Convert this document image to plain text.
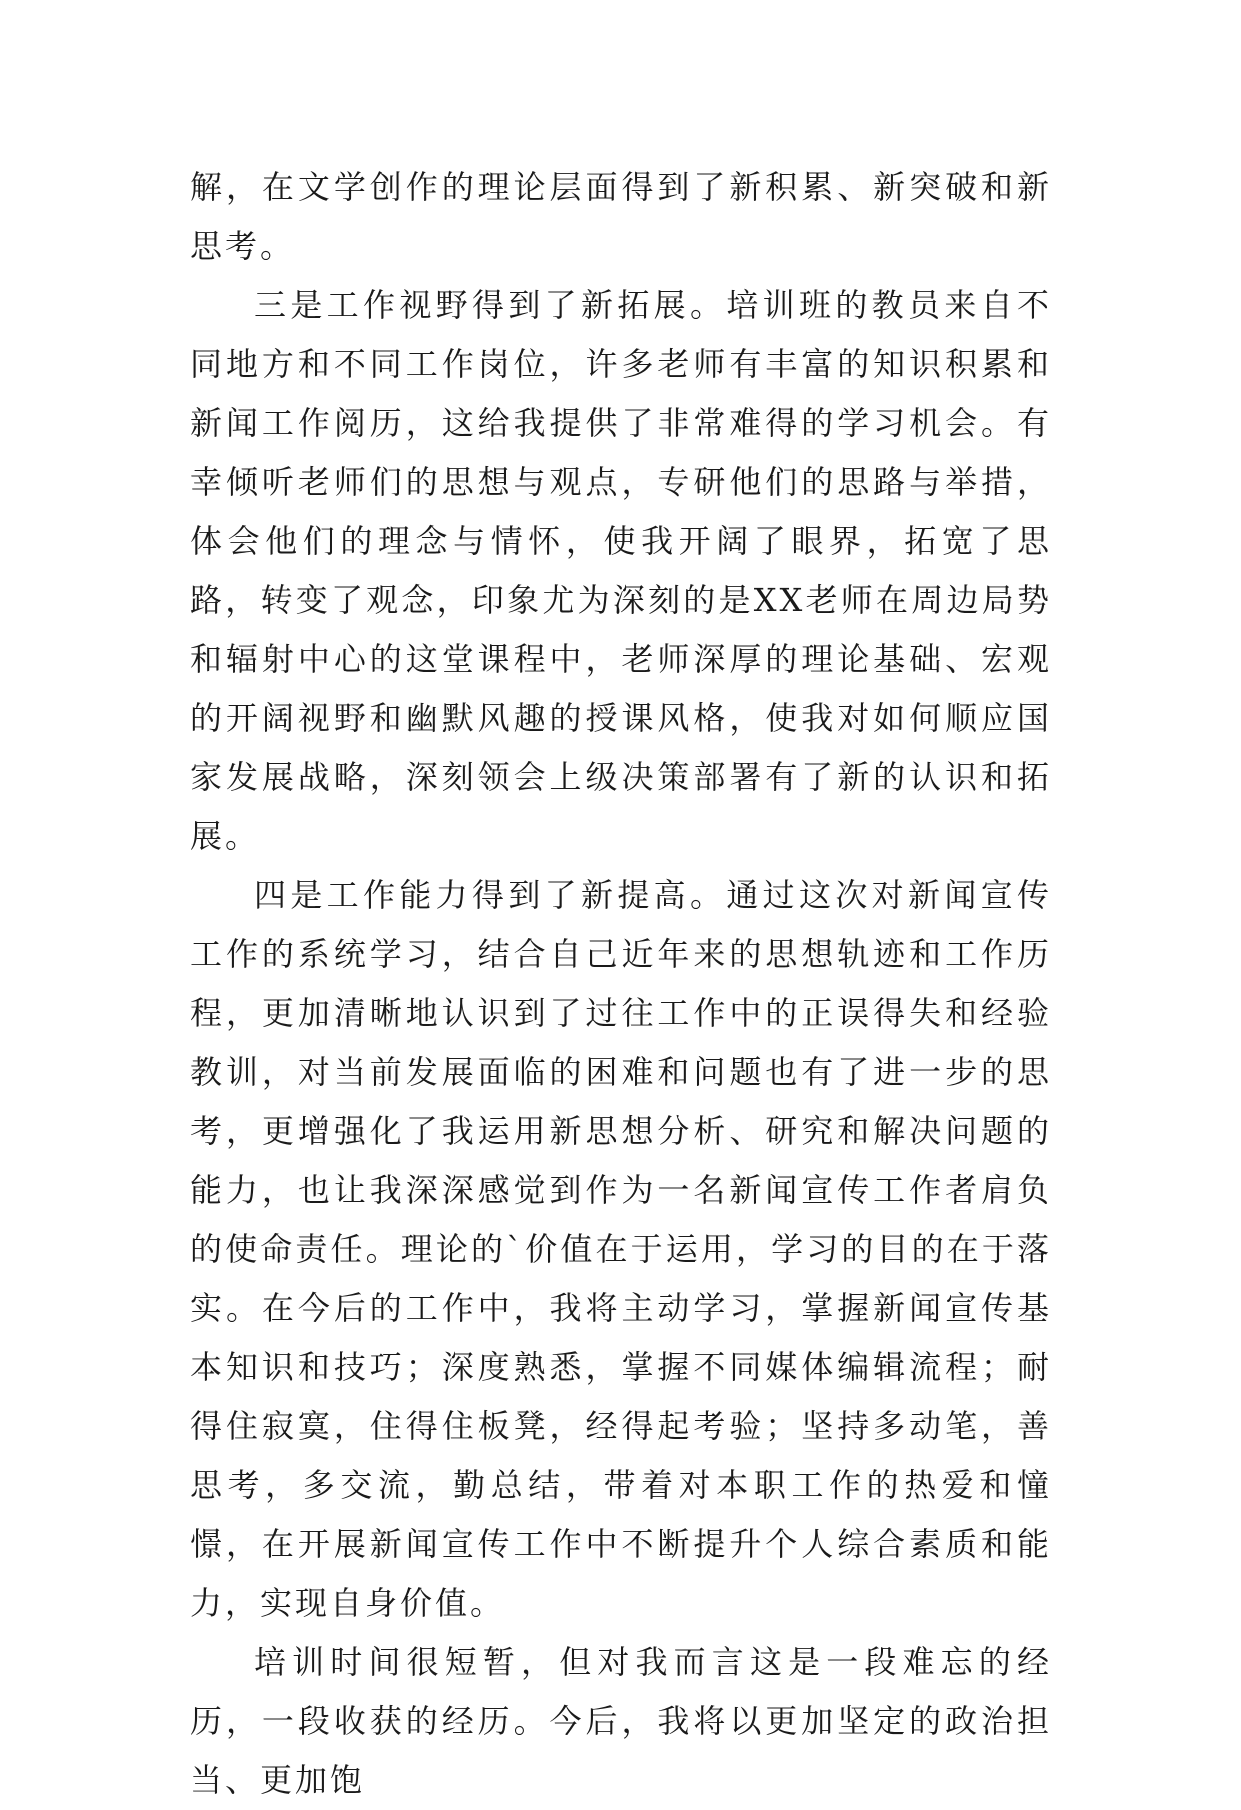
解，在文学创作的理论层面得到了新积累、新突破和新思考。

三是工作视野得到了新拓展。培训班的教员来自不同地方和不同工作岗位，许多老师有丰富的知识积累和新闻工作阅历，这给我提供了非常难得的学习机会。有幸倾听老师们的思想与观点，专研他们的思路与举措，体会他们的理念与情怀，使我开阔了眼界，拓宽了思路，转变了观念，印象尤为深刻的是XX老师在周边局势和辐射中心的这堂课程中，老师深厚的理论基础、宏观的开阔视野和幽默风趣的授课风格，使我对如何顺应国家发展战略，深刻领会上级决策部署有了新的认识和拓展。

四是工作能力得到了新提高。通过这次对新闻宣传工作的系统学习，结合自己近年来的思想轨迹和工作历程，更加清晰地认识到了过往工作中的正误得失和经验教训，对当前发展面临的困难和问题也有了进一步的思考，更增强化了我运用新思想分析、研究和解决问题的能力，也让我深深感觉到作为一名新闻宣传工作者肩负的使命责任。理论的`价值在于运用，学习的目的在于落实。在今后的工作中，我将主动学习，掌握新闻宣传基本知识和技巧；深度熟悉，掌握不同媒体编辑流程；耐得住寂寞，住得住板凳，经得起考验；坚持多动笔，善思考，多交流，勤总结，带着对本职工作的热爱和憧憬，在开展新闻宣传工作中不断提升个人综合素质和能力，实现自身价值。

培训时间很短暂，但对我而言这是一段难忘的经历，一段收获的经历。今后，我将以更加坚定的政治担当、更加饱
